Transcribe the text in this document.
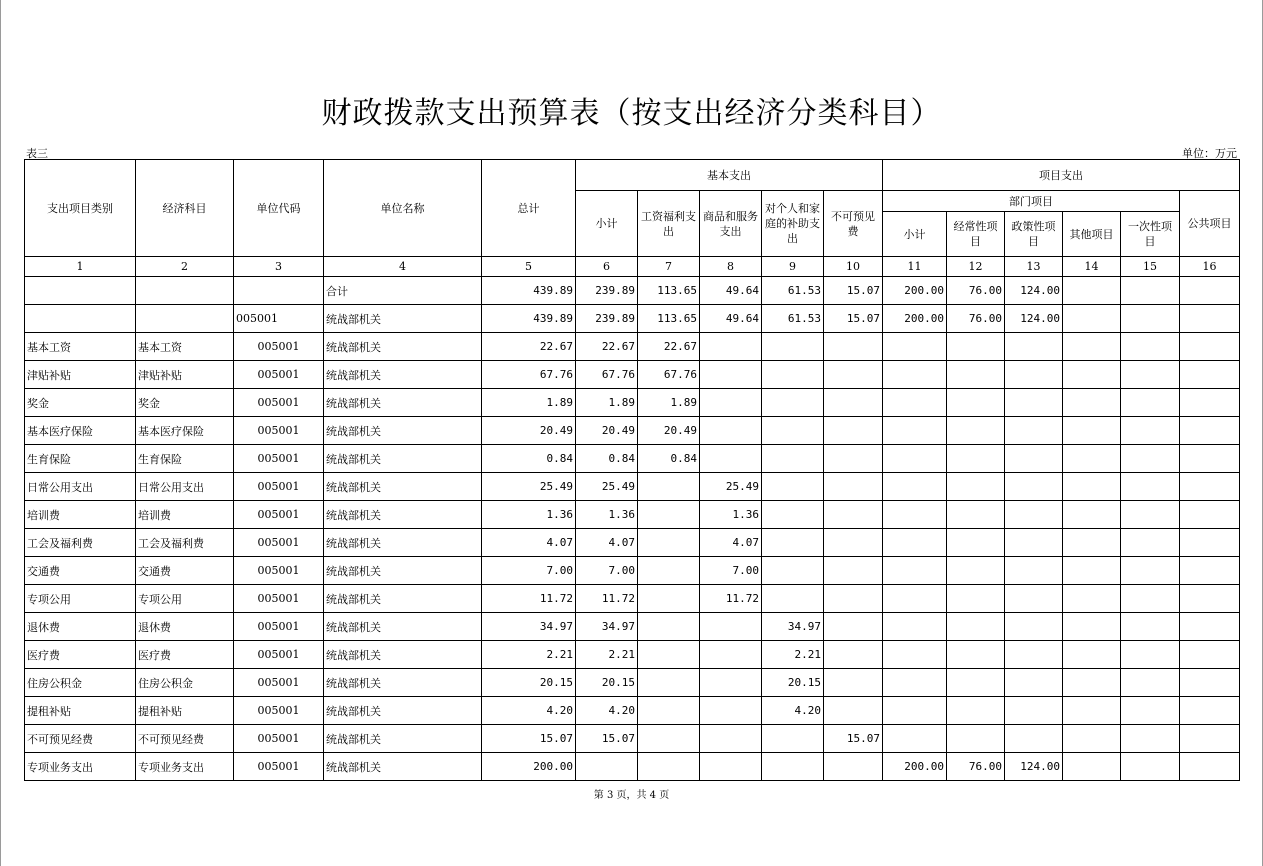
财政拨款支出预算表（按支出经济分类科目）
表三	单位：万元
支出项目类别	经济科目	单位代码	单位名称	总计	基本支出					项目支出					
					小计	工资福利支出	商品和服务支出	对个人和家庭的补助支出	不可预见费	部门项目					公共项目
										小计	经常性项目	政策性项目	其他项目	一次性项目	
1	2	3	4	5	6	7	8	9	10	11	12	13	14	15	16
			合计	439.89	239.89	113.65	49.64	61.53	15.07	200.00	76.00	124.00			
		005001	统战部机关	439.89	239.89	113.65	49.64	61.53	15.07	200.00	76.00	124.00			
基本工资	基本工资	005001	统战部机关	22.67	22.67	22.67									
津贴补贴	津贴补贴	005001	统战部机关	67.76	67.76	67.76									
奖金	奖金	005001	统战部机关	1.89	1.89	1.89									
基本医疗保险	基本医疗保险	005001	统战部机关	20.49	20.49	20.49									
生育保险	生育保险	005001	统战部机关	0.84	0.84	0.84									
日常公用支出	日常公用支出	005001	统战部机关	25.49	25.49		25.49								
培训费	培训费	005001	统战部机关	1.36	1.36		1.36								
工会及福利费	工会及福利费	005001	统战部机关	4.07	4.07		4.07								
交通费	交通费	005001	统战部机关	7.00	7.00		7.00								
专项公用	专项公用	005001	统战部机关	11.72	11.72		11.72								
退休费	退休费	005001	统战部机关	34.97	34.97			34.97							
医疗费	医疗费	005001	统战部机关	2.21	2.21			2.21							
住房公积金	住房公积金	005001	统战部机关	20.15	20.15			20.15							
提租补贴	提租补贴	005001	统战部机关	4.20	4.20			4.20							
不可预见经费	不可预见经费	005001	统战部机关	15.07	15.07				15.07						
专项业务支出	专项业务支出	005001	统战部机关	200.00						200.00	76.00	124.00			
第 3 页，共 4 页
